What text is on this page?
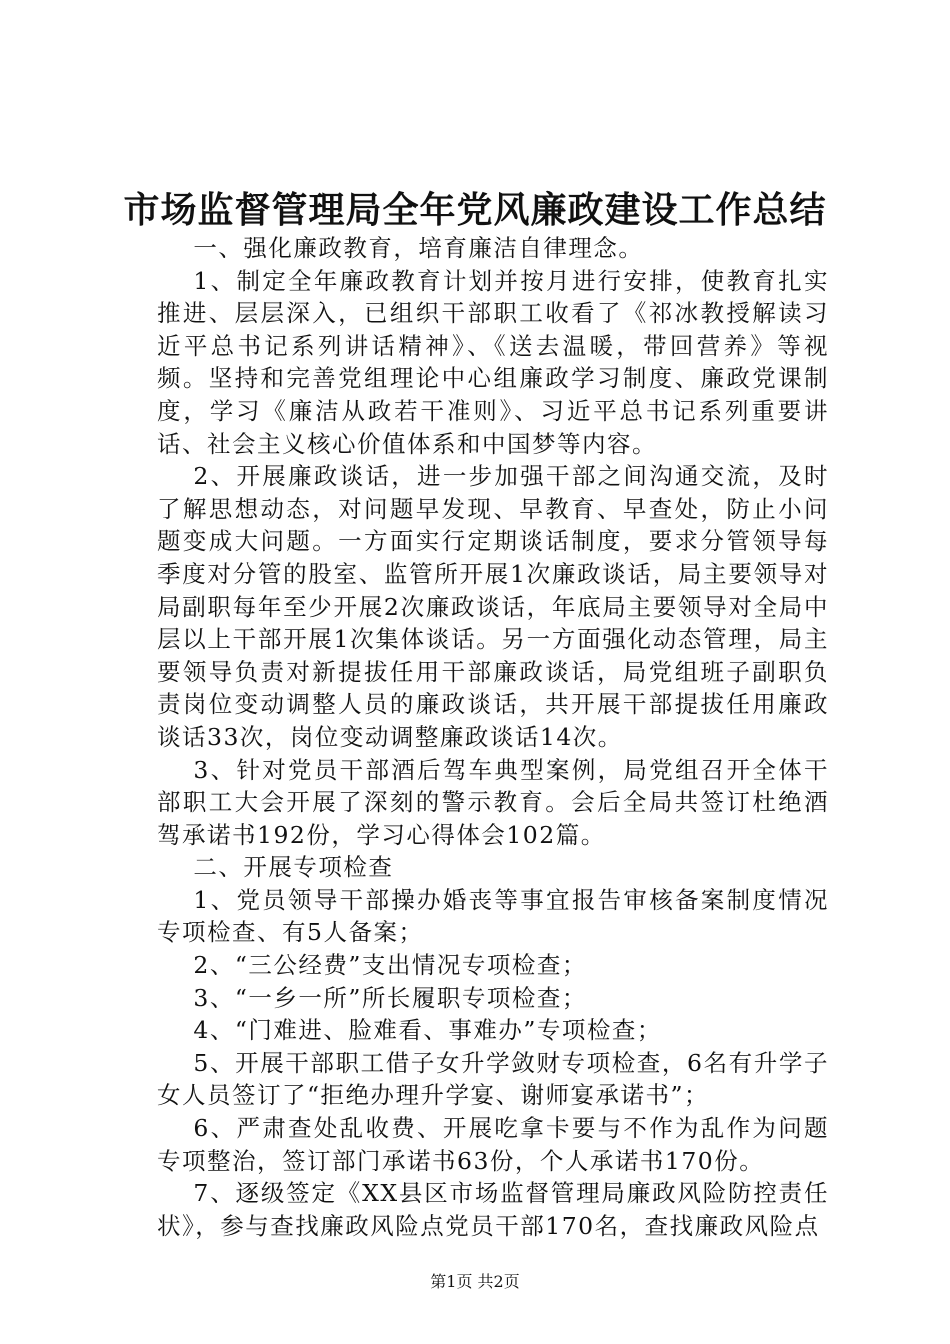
市场监督管理局全年党风廉政建设工作总结

一、强化廉政教育，培育廉洁自律理念。

1、制定全年廉政教育计划并按月进行安排，使教育扎实推进、层层深入，已组织干部职工收看了《祁冰教授解读习近平总书记系列讲话精神》、《送去温暖，带回营养》等视频。坚持和完善党组理论中心组廉政学习制度、廉政党课制度，学习《廉洁从政若干准则》、习近平总书记系列重要讲话、社会主义核心价值体系和中国梦等内容。

2、开展廉政谈话，进一步加强干部之间沟通交流，及时了解思想动态，对问题早发现、早教育、早查处，防止小问题变成大问题。一方面实行定期谈话制度，要求分管领导每季度对分管的股室、监管所开展1次廉政谈话，局主要领导对局副职每年至少开展2次廉政谈话，年底局主要领导对全局中层以上干部开展1次集体谈话。另一方面强化动态管理，局主要领导负责对新提拔任用干部廉政谈话，局党组班子副职负责岗位变动调整人员的廉政谈话，共开展干部提拔任用廉政谈话33次，岗位变动调整廉政谈话14次。

3、针对党员干部酒后驾车典型案例，局党组召开全体干部职工大会开展了深刻的警示教育。会后全局共签订杜绝酒驾承诺书192份，学习心得体会102篇。

二、开展专项检查

1、党员领导干部操办婚丧等事宜报告审核备案制度情况专项检查、有5人备案；

2、“三公经费”支出情况专项检查；

3、“一乡一所”所长履职专项检查；

4、“门难进、脸难看、事难办”专项检查；

5、开展干部职工借子女升学敛财专项检查，6名有升学子女人员签订了“拒绝办理升学宴、谢师宴承诺书”；

6、严肃查处乱收费、开展吃拿卡要与不作为乱作为问题专项整治，签订部门承诺书63份，个人承诺书170份。

7、逐级签定《XX县区市场监督管理局廉政风险防控责任状》，参与查找廉政风险点党员干部170名，查找廉政风险点

第1页 共2页
